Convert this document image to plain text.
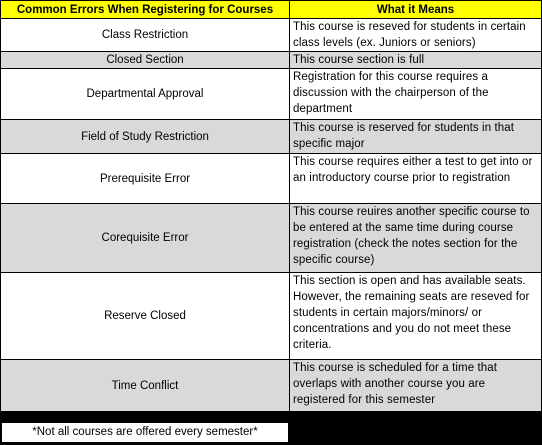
Common Errors When Registering for Courses	What it Means
Class Restriction	This course is reseved for students in certain class levels (ex. Juniors or seniors)
Closed Section	This course section is full
Departmental Approval	Registration for this course requires a discussion with the chairperson of the department
Field of Study Restriction	This course is reserved for students in that specific major
Prerequisite Error	This course requires either a test to get into or an introductory course prior to registration
Corequisite Error	This course reuires another specific course to be entered at the same time during course registration (check the notes section for the specific course)
Reserve Closed	This section is open and has available seats. However, the remaining seats are reseved for students in certain majors/minors/ or concentrations and you do not meet these criteria.
Time Conflict	This course is scheduled for a time that overlaps with another course you are registered for this semester
*Not all courses are offered every semester*
